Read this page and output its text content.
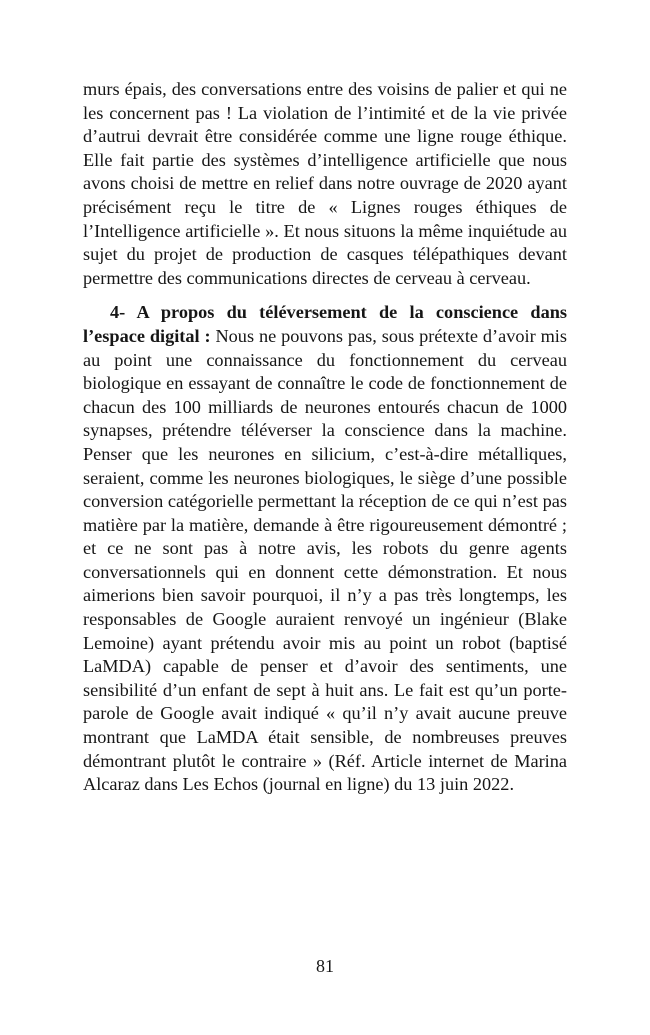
murs épais, des conversations entre des voisins de palier et qui ne les concernent pas ! La violation de l’intimité et de la vie privée d’autrui devrait être considérée comme une ligne rouge éthique. Elle fait partie des systèmes d’intelligence artificielle que nous avons choisi de mettre en relief dans notre ouvrage de 2020 ayant précisément reçu le titre de « Lignes rouges éthiques de l’Intelligence artificielle ». Et nous situons la même inquiétude au sujet du projet de production de casques télépathiques devant permettre des communications directes de cerveau à cerveau.

4- A propos du téléversement de la conscience dans l’espace digital : Nous ne pouvons pas, sous prétexte d’avoir mis au point une connaissance du fonctionnement du cerveau biologique en essayant de connaître le code de fonctionnement de chacun des 100 milliards de neurones entourés chacun de 1000 synapses, prétendre téléverser la conscience dans la machine. Penser que les neurones en silicium, c’est-à-dire métalliques, seraient, comme les neurones biologiques, le siège d’une possible conversion catégorielle permettant la réception de ce qui n’est pas matière par la matière, demande à être rigoureusement démontré ; et ce ne sont pas à notre avis, les robots du genre agents conversationnels qui en donnent cette démonstration. Et nous aimerions bien savoir pourquoi, il n’y a pas très longtemps, les responsables de Google auraient renvoyé un ingénieur (Blake Lemoine) ayant prétendu avoir mis au point un robot (baptisé LaMDA) capable de penser et d’avoir des sentiments, une sensibilité d’un enfant de sept à huit ans. Le fait est qu’un porte-parole de Google avait indiqué « qu’il n’y avait aucune preuve montrant que LaMDA était sensible, de nombreuses preuves démontrant plutôt le contraire » (Réf. Article internet de Marina Alcaraz dans Les Echos (journal en ligne) du 13 juin 2022.

81
